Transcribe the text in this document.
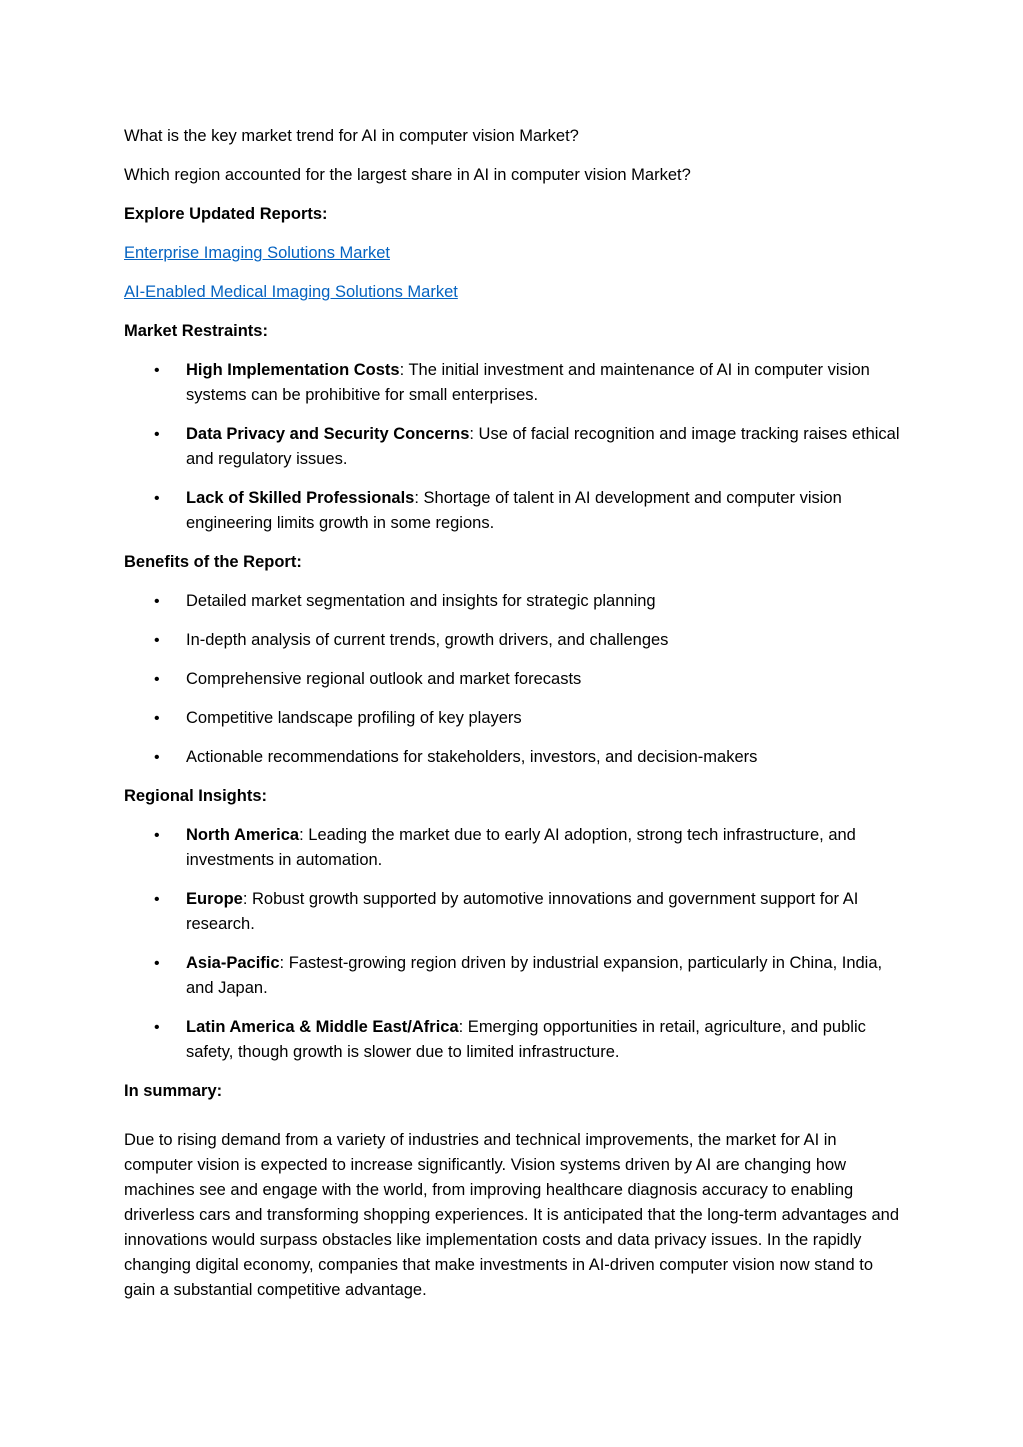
What is the key market trend for AI in computer vision Market?

Which region accounted for the largest share in AI in computer vision Market?

Explore Updated Reports:

Enterprise Imaging Solutions Market

AI-Enabled Medical Imaging Solutions Market

Market Restraints:

• High Implementation Costs: The initial investment and maintenance of AI in computer vision systems can be prohibitive for small enterprises.
• Data Privacy and Security Concerns: Use of facial recognition and image tracking raises ethical and regulatory issues.
• Lack of Skilled Professionals: Shortage of talent in AI development and computer vision engineering limits growth in some regions.

Benefits of the Report:

• Detailed market segmentation and insights for strategic planning
• In-depth analysis of current trends, growth drivers, and challenges
• Comprehensive regional outlook and market forecasts
• Competitive landscape profiling of key players
• Actionable recommendations for stakeholders, investors, and decision-makers

Regional Insights:

• North America: Leading the market due to early AI adoption, strong tech infrastructure, and investments in automation.
• Europe: Robust growth supported by automotive innovations and government support for AI research.
• Asia-Pacific: Fastest-growing region driven by industrial expansion, particularly in China, India, and Japan.
• Latin America & Middle East/Africa: Emerging opportunities in retail, agriculture, and public safety, though growth is slower due to limited infrastructure.

In summary:

Due to rising demand from a variety of industries and technical improvements, the market for AI in computer vision is expected to increase significantly. Vision systems driven by AI are changing how machines see and engage with the world, from improving healthcare diagnosis accuracy to enabling driverless cars and transforming shopping experiences. It is anticipated that the long-term advantages and innovations would surpass obstacles like implementation costs and data privacy issues. In the rapidly changing digital economy, companies that make investments in AI-driven computer vision now stand to gain a substantial competitive advantage.
